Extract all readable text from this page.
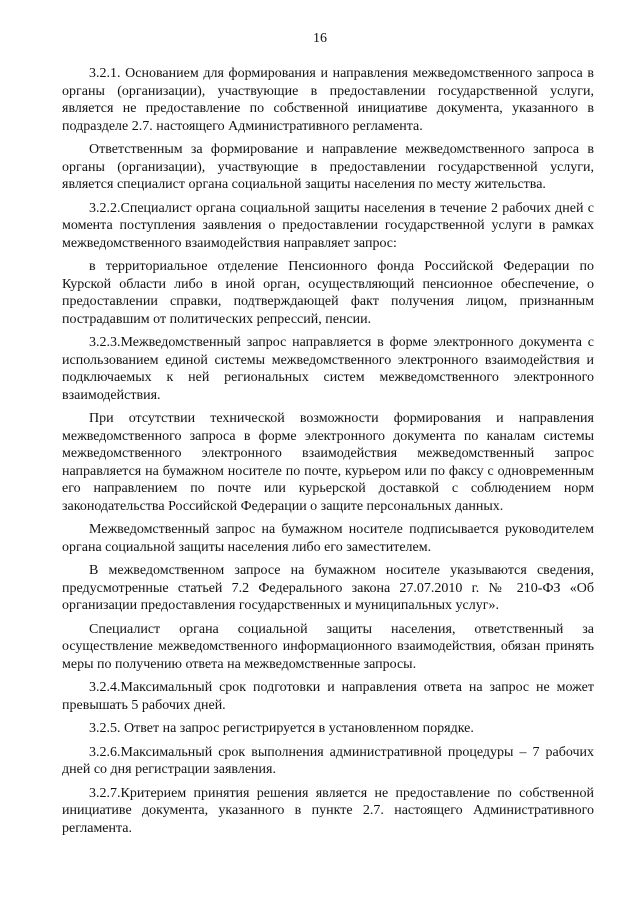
16

3.2.1. Основанием для формирования и направления межведомственного запроса в органы (организации), участвующие в предоставлении государственной услуги, является не предоставление по собственной инициативе документа, указанного в подразделе 2.7. настоящего Административного регламента.

Ответственным за формирование и направление межведомственного запроса в органы (организации), участвующие в предоставлении государственной услуги, является специалист органа социальной защиты населения по месту жительства.

3.2.2.Специалист органа социальной защиты населения в течение 2 рабочих дней с момента поступления заявления о предоставлении государственной услуги в рамках межведомственного взаимодействия направляет запрос:

в территориальное отделение Пенсионного фонда Российской Федерации по Курской области либо в иной орган, осуществляющий пенсионное обеспечение, о предоставлении справки, подтверждающей факт получения лицом, признанным пострадавшим от политических репрессий, пенсии.

3.2.3.Межведомственный запрос направляется в форме электронного документа с использованием единой системы межведомственного электронного взаимодействия и подключаемых к ней региональных систем межведомственного электронного взаимодействия.

При отсутствии технической возможности формирования и направления межведомственного запроса в форме электронного документа по каналам системы межведомственного электронного взаимодействия межведомственный запрос направляется на бумажном носителе по почте, курьером или по факсу с одновременным его направлением по почте или курьерской доставкой с соблюдением норм законодательства Российской Федерации о защите персональных данных.

Межведомственный запрос на бумажном носителе подписывается руководителем органа социальной защиты населения либо его заместителем.

В межведомственном запросе на бумажном носителе указываются сведения, предусмотренные статьей 7.2 Федерального закона 27.07.2010 г. № 210-ФЗ «Об организации предоставления государственных и муниципальных услуг».

Специалист органа социальной защиты населения, ответственный за осуществление межведомственного информационного взаимодействия, обязан принять меры по получению ответа на межведомственные запросы.

3.2.4.Максимальный срок подготовки и направления ответа на запрос не может превышать 5 рабочих дней.

3.2.5. Ответ на запрос регистрируется в установленном порядке.

3.2.6.Максимальный срок выполнения административной процедуры – 7 рабочих дней со дня регистрации заявления.

3.2.7.Критерием принятия решения является не предоставление по собственной инициативе документа, указанного в пункте 2.7. настоящего Административного регламента.
